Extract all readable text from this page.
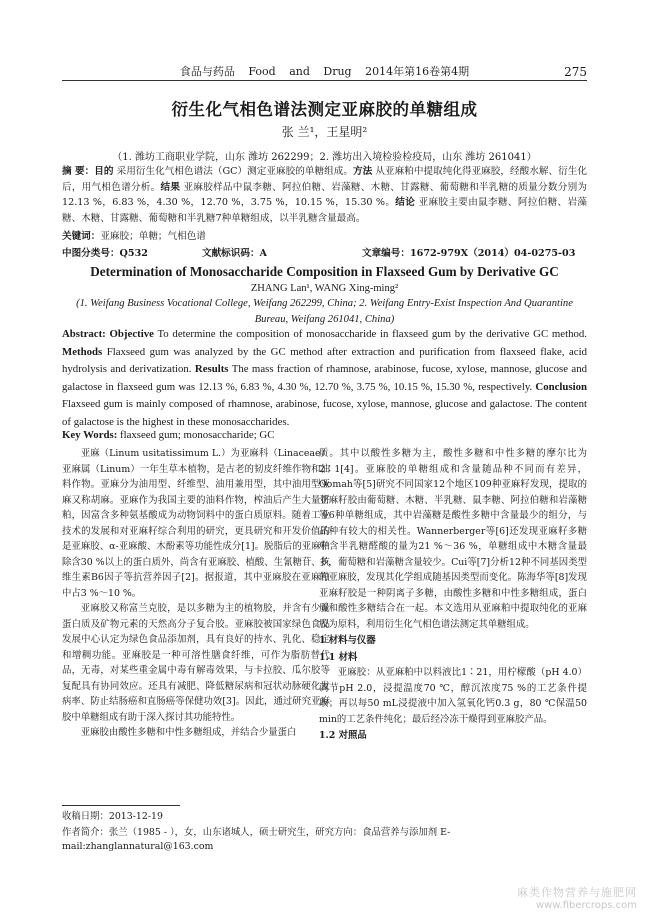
食品与药品 Food and Drug 2014年第16卷第4期	275
衍生化气相色谱法测定亚麻胶的单糖组成
张 兰¹，王星明²
（1. 潍坊工商职业学院，山东 潍坊 262299；2. 潍坊出入境检验检疫局，山东 潍坊 261041）
摘 要：目的 采用衍生化气相色谱法（GC）测定亚麻胶的单糖组成。方法 从亚麻粕中提取纯化得亚麻胶，经酸水解、衍生化后，用气相色谱分析。结果 亚麻胶样品中鼠李糖、阿拉伯糖、岩藻糖、木糖、甘露糖、葡萄糖和半乳糖的质量分数分别为12.13 %，6.83 %，4.30 %，12.70 %，3.75 %，10.15 %，15.30 %。结论 亚麻胶主要由鼠李糖、阿拉伯糖、岩藻糖、木糖、甘露糖、葡萄糖和半乳糖7种单糖组成，以半乳糖含量最高。
关键词：亚麻胶；单糖；气相色谱
中图分类号：Q532	文献标识码：A	文章编号：1672-979X（2014）04-0275-03
Determination of Monosaccharide Composition in Flaxseed Gum by Derivative GC
ZHANG Lan¹, WANG Xing-ming²
(1. Weifang Business Vocational College, Weifang 262299, China; 2. Weifang Entry-Exist Inspection And Quarantine Bureau, Weifang 261041, China)
Abstract: Objective To determine the composition of monosaccharide in flaxseed gum by the derivative GC method. Methods Flaxseed gum was analyzed by the GC method after extraction and purification from flaxseed flake, acid hydrolysis and derivatization. Results The mass fraction of rhamnose, arabinose, fucose, xylose, mannose, glucose and galactose in flaxseed gum was 12.13 %, 6.83 %, 4.30 %, 12.70 %, 3.75 %, 10.15 %, 15.30 %, respectively. Conclusion Flaxseed gum is mainly composed of rhamnose, arabinose, fucose, xylose, mannose, glucose and galactose. The content of galactose is the highest in these monosaccharides.
Key Words: flaxseed gum; monosaccharide; GC

亚麻（Linum usitatissimum L.）为亚麻科（Linaceae）亚麻属（Linum）一年生草本植物，是古老的韧皮纤维作物和油料作物。亚麻分为油用型、纤维型、油用兼用型，其中油用型亚麻又称胡麻。亚麻作为我国主要的油料作物，榨油后产生大量饼粕，因富含多种氨基酸成为动物饲料中的蛋白质原料。随着工业技术的发展和对亚麻籽综合利用的研究，更具研究和开发价值的是亚麻胶、α-亚麻酸、木酚素等功能性成分[1]。脱脂后的亚麻粕除含30 %以上的蛋白质外，尚含有亚麻胶、植酸、生氰糖苷、抗维生素B6因子等抗营养因子[2]。据报道，其中亚麻胶在亚麻粕中占3 %～10 %。

亚麻胶又称富兰克胶，是以多糖为主的植物胶，并含有少量蛋白质及矿物元素的天然高分子复合胶。亚麻胶被国家绿色食品发展中心认定为绿色食品添加剂，具有良好的持水、乳化、稳定和增稠功能。亚麻胶是一种可溶性膳食纤维，可作为脂肪替代品，无毒，对某些重金属中毒有解毒效果，与卡拉胶、瓜尔胶等复配具有协同效应。还具有减肥、降低糖尿病和冠状动脉硬化发病率、防止结肠癌和直肠癌等保健功效[3]。因此，通过研究亚麻胶中单糖组成有助于深入探讨其功能特性。

亚麻胶由酸性多糖和中性多糖组成，并结合少量蛋白

质。其中以酸性多糖为主，酸性多糖和中性多糖的摩尔比为2∶1[4]。亚麻胶的单糖组成和含量随品种不同而有差异，Oomah等[5]研究不同国家12个地区109种亚麻籽发现，提取的亚麻籽胶由葡萄糖、木糖、半乳糖、鼠李糖、阿拉伯糖和岩藻糖等6种单糖组成，其中岩藻糖是酸性多糖中含量最少的组分，与品种有较大的相关性。Wannerberger等[6]还发现亚麻籽多糖中含半乳糖醛酸的量为21 %～36 %，单糖组成中木糖含量最多，葡萄糖和岩藻糖含量较少。Cui等[7]分析12种不同基因类型的亚麻胶，发现其化学组成随基因类型而变化。陈海华等[8]发现亚麻籽胶是一种阴离子多糖，由酸性多糖和中性多糖组成，蛋白质和酸性多糖结合在一起。本文选用从亚麻粕中提取纯化的亚麻胶为原料，利用衍生化气相色谱法测定其单糖组成。

1 材料与仪器

1.1 材料

亚麻胶：从亚麻粕中以料液比1∶21，用柠檬酸（pH 4.0）调节pH 2.0，浸提温度70 ℃，醇沉浓度75 %的工艺条件提取；再以每50 mL浸提液中加入氢氧化钙0.3 g，80 ℃保温50 min的工艺条件纯化；最后经冷冻干燥得到亚麻胶产品。

1.2 对照品

收稿日期：2013-12-19
作者简介：张兰（1985 - ），女，山东诸城人，硕士研究生，研究方向：食品营养与添加剂 E-mail:zhanglannatural@163.com
麻类作物营养与施肥网
www.fibercrops.com
